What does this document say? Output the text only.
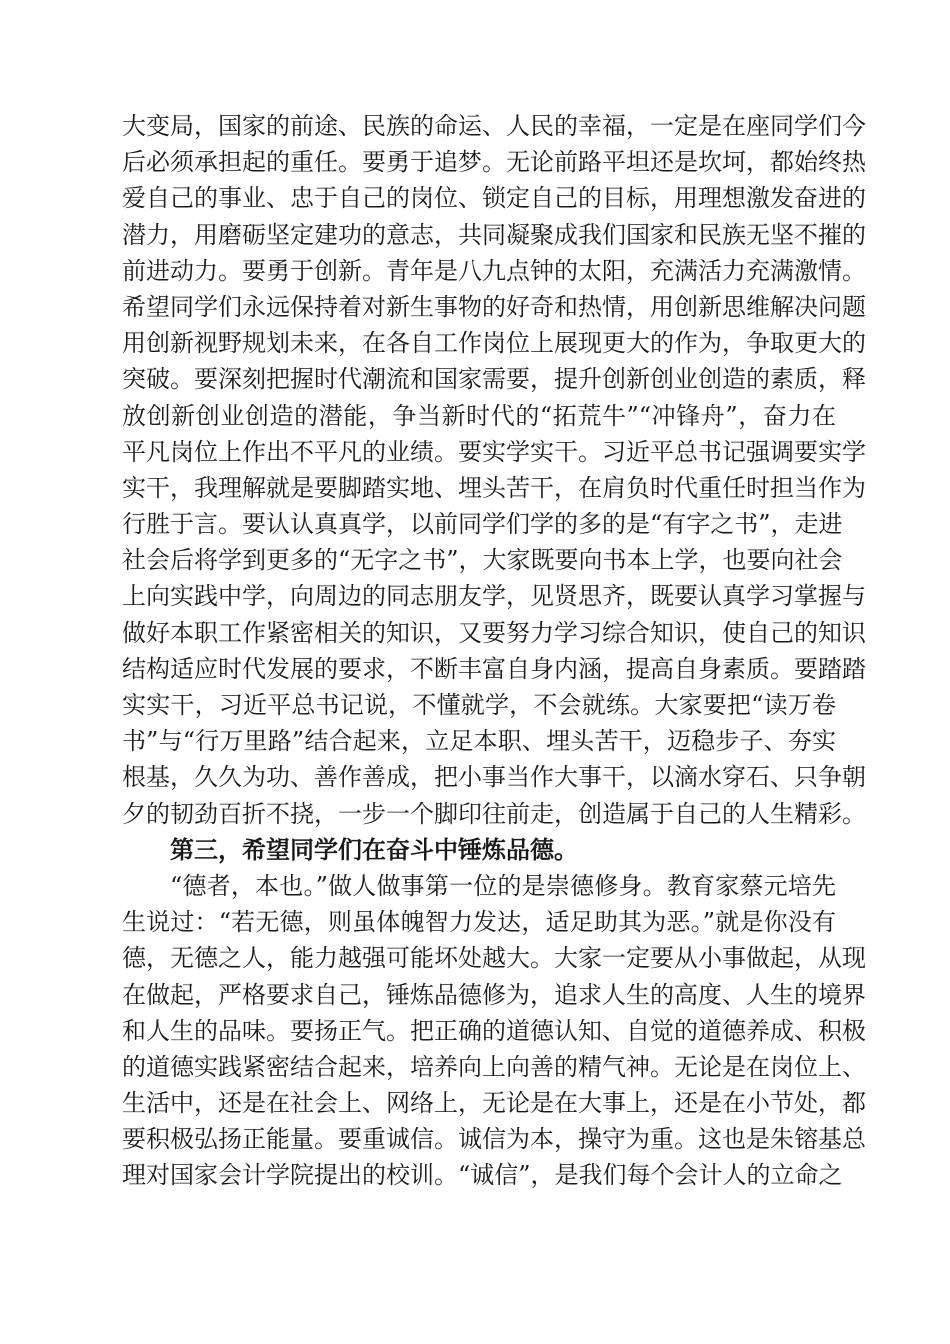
大变局，国家的前途、民族的命运、人民的幸福，一定是在座同学们今
后必须承担起的重任。要勇于追梦。无论前路平坦还是坎坷，都始终热
爱自己的事业、忠于自己的岗位、锁定自己的目标，用理想激发奋进的
潜力，用磨砺坚定建功的意志，共同凝聚成我们国家和民族无坚不摧的
前进动力。要勇于创新。青年是八九点钟的太阳，充满活力充满激情。
希望同学们永远保持着对新生事物的好奇和热情，用创新思维解决问题
用创新视野规划未来，在各自工作岗位上展现更大的作为，争取更大的
突破。要深刻把握时代潮流和国家需要，提升创新创业创造的素质，释
放创新创业创造的潜能，争当新时代的“拓荒牛”“冲锋舟”，奋力在
平凡岗位上作出不平凡的业绩。要实学实干。习近平总书记强调要实学
实干，我理解就是要脚踏实地、埋头苦干，在肩负时代重任时担当作为
行胜于言。要认认真真学，以前同学们学的多的是“有字之书”，走进
社会后将学到更多的“无字之书”，大家既要向书本上学，也要向社会
上向实践中学，向周边的同志朋友学，见贤思齐，既要认真学习掌握与
做好本职工作紧密相关的知识，又要努力学习综合知识，使自己的知识
结构适应时代发展的要求，不断丰富自身内涵，提高自身素质。要踏踏
实实干，习近平总书记说，不懂就学，不会就练。大家要把“读万卷
书”与“行万里路”结合起来，立足本职、埋头苦干，迈稳步子、夯实
根基，久久为功、善作善成，把小事当作大事干，以滴水穿石、只争朝
夕的韧劲百折不挠，一步一个脚印往前走，创造属于自己的人生精彩。
第三，希望同学们在奋斗中锤炼品德。
“德者，本也。”做人做事第一位的是崇德修身。教育家蔡元培先
生说过：“若无德，则虽体魄智力发达，适足助其为恶。”就是你没有
德，无德之人，能力越强可能坏处越大。大家一定要从小事做起，从现
在做起，严格要求自己，锤炼品德修为，追求人生的高度、人生的境界
和人生的品味。要扬正气。把正确的道德认知、自觉的道德养成、积极
的道德实践紧密结合起来，培养向上向善的精气神。无论是在岗位上、
生活中，还是在社会上、网络上，无论是在大事上，还是在小节处，都
要积极弘扬正能量。要重诚信。诚信为本，操守为重。这也是朱镕基总
理对国家会计学院提出的校训。“诚信”，是我们每个会计人的立命之
